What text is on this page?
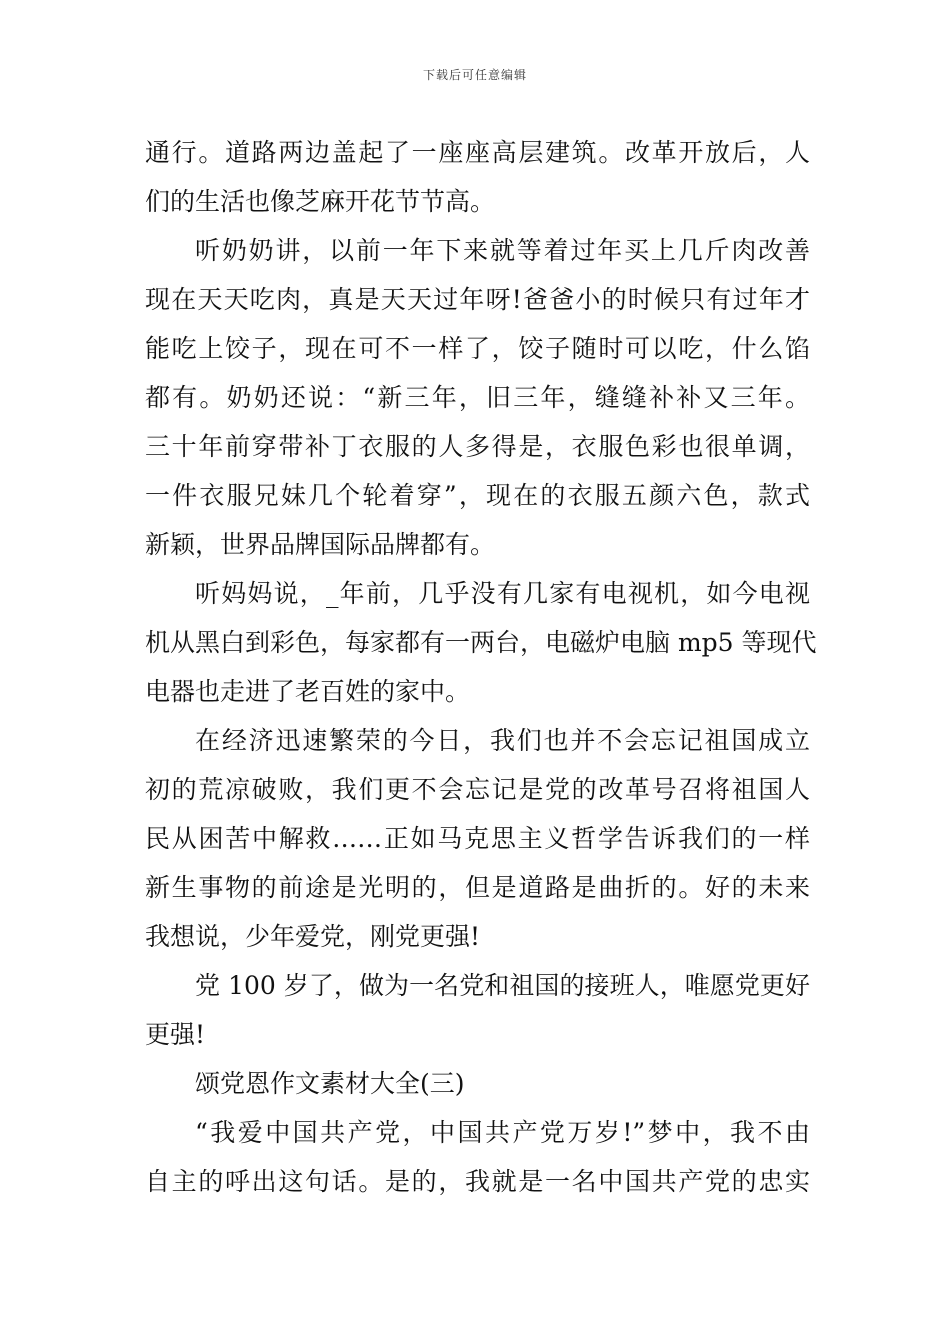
下载后可任意编辑
通行。道路两边盖起了一座座高层建筑。改革开放后，人
们的生活也像芝麻开花节节高。
听奶奶讲，以前一年下来就等着过年买上几斤肉改善
现在天天吃肉，真是天天过年呀!爸爸小的时候只有过年才
能吃上饺子，现在可不一样了，饺子随时可以吃，什么馅
都有。奶奶还说：“新三年，旧三年，缝缝补补又三年。
三十年前穿带补丁衣服的人多得是，衣服色彩也很单调，
一件衣服兄妹几个轮着穿”，现在的衣服五颜六色，款式
新颖，世界品牌国际品牌都有。
听妈妈说，_年前，几乎没有几家有电视机，如今电视
机从黑白到彩色，每家都有一两台，电磁炉电脑 mp5 等现代
电器也走进了老百姓的家中。
在经济迅速繁荣的今日，我们也并不会忘记祖国成立
初的荒凉破败，我们更不会忘记是党的改革号召将祖国人
民从困苦中解救……正如马克思主义哲学告诉我们的一样
新生事物的前途是光明的，但是道路是曲折的。好的未来
我想说，少年爱党，刚党更强!
党 100 岁了，做为一名党和祖国的接班人，唯愿党更好
更强!
颂党恩作文素材大全(三)
“我爱中国共产党，中国共产党万岁!”梦中，我不由
自主的呼出这句话。是的，我就是一名中国共产党的忠实
